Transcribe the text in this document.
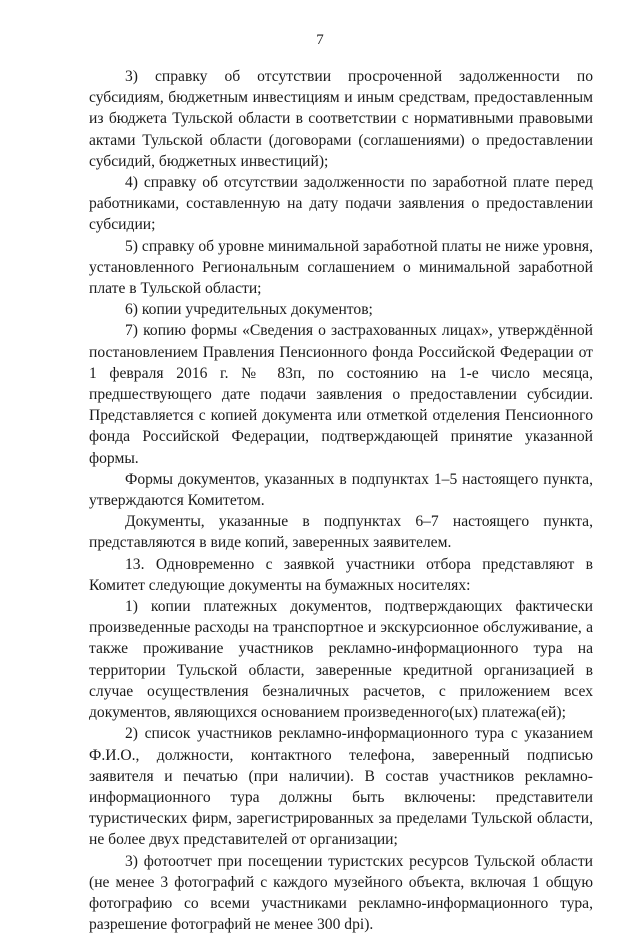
7

3) справку об отсутствии просроченной задолженности по субсидиям, бюджетным инвестициям и иным средствам, предоставленным из бюджета Тульской области в соответствии с нормативными правовыми актами Тульской области (договорами (соглашениями) о предоставлении субсидий, бюджетных инвестиций);

4) справку об отсутствии задолженности по заработной плате перед работниками, составленную на дату подачи заявления о предоставлении субсидии;

5) справку об уровне минимальной заработной платы не ниже уровня, установленного Региональным соглашением о минимальной заработной плате в Тульской области;

6) копии учредительных документов;

7) копию формы «Сведения о застрахованных лицах», утверждённой постановлением Правления Пенсионного фонда Российской Федерации от 1 февраля 2016 г. № 83п, по состоянию на 1-е число месяца, предшествующего дате подачи заявления о предоставлении субсидии. Представляется с копией документа или отметкой отделения Пенсионного фонда Российской Федерации, подтверждающей принятие указанной формы.

Формы документов, указанных в подпунктах 1–5 настоящего пункта, утверждаются Комитетом.

Документы, указанные в подпунктах 6–7 настоящего пункта, представляются в виде копий, заверенных заявителем.

13. Одновременно с заявкой участники отбора представляют в Комитет следующие документы на бумажных носителях:

1) копии платежных документов, подтверждающих фактически произведенные расходы на транспортное и экскурсионное обслуживание, а также проживание участников рекламно-информационного тура на территории Тульской области, заверенные кредитной организацией в случае осуществления безналичных расчетов, с приложением всех документов, являющихся основанием произведенного(ых) платежа(ей);

2) список участников рекламно-информационного тура с указанием Ф.И.О., должности, контактного телефона, заверенный подписью заявителя и печатью (при наличии). В состав участников рекламно-информационного тура должны быть включены: представители туристических фирм, зарегистрированных за пределами Тульской области, не более двух представителей от организации;

3) фотоотчет при посещении туристских ресурсов Тульской области (не менее 3 фотографий с каждого музейного объекта, включая 1 общую фотографию со всеми участниками рекламно-информационного тура, разрешение фотографий не менее 300 dpi).
